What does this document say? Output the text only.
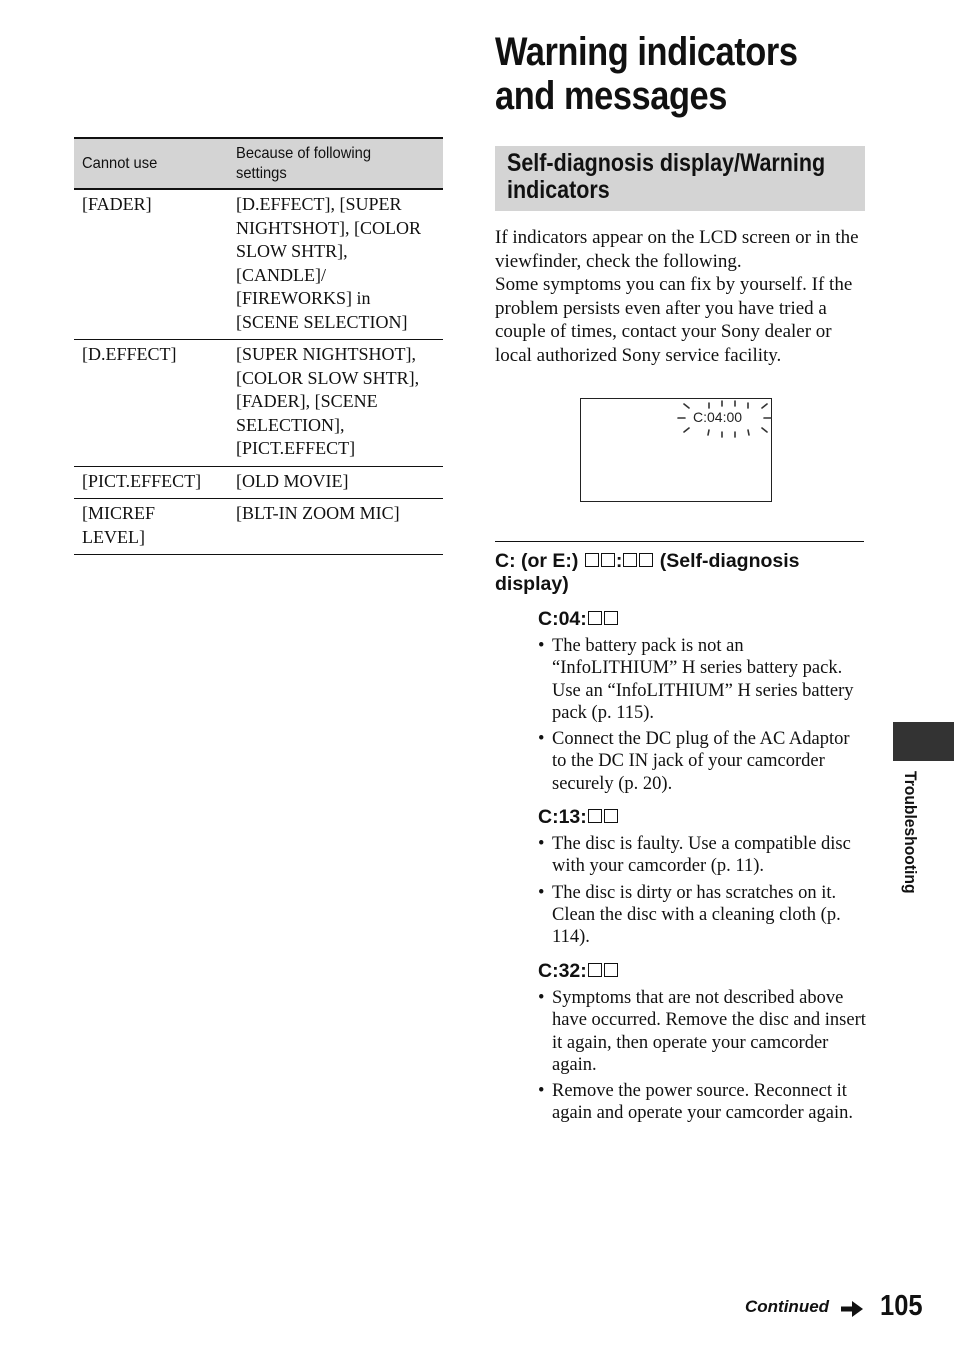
Cannot use	Because of following settings
[FADER]	[D.EFFECT], [SUPER NIGHTSHOT], [COLOR SLOW SHTR], [CANDLE]/ [FIREWORKS] in [SCENE SELECTION]
[D.EFFECT]	[SUPER NIGHTSHOT], [COLOR SLOW SHTR], [FADER], [SCENE SELECTION], [PICT.EFFECT]
[PICT.EFFECT]	[OLD MOVIE]
[MICREF LEVEL]	[BLT-IN ZOOM MIC]
Warning indicators
and messages
Self-diagnosis display/Warning
indicators

If indicators appear on the LCD screen or in the viewfinder, check the following.

Some symptoms you can fix by yourself. If the problem persists even after you have tried a couple of times, contact your Sony dealer or local authorized Sony service facility.

C:04:00
C: (or E:) : (Self-diagnosis display)

C:04:

• The battery pack is not an “InfoLITHIUM” H series battery pack. Use an “InfoLITHIUM” H series battery pack (p. 115).
• Connect the DC plug of the AC Adaptor to the DC IN jack of your camcorder securely (p. 20).

C:13:

• The disc is faulty. Use a compatible disc with your camcorder (p. 11).
• The disc is dirty or has scratches on it. Clean the disc with a cleaning cloth (p. 114).

C:32:

• Symptoms that are not described above have occurred. Remove the disc and insert it again, then operate your camcorder again.
• Remove the power source. Reconnect it again and operate your camcorder again.
Troubleshooting
Continued 105
